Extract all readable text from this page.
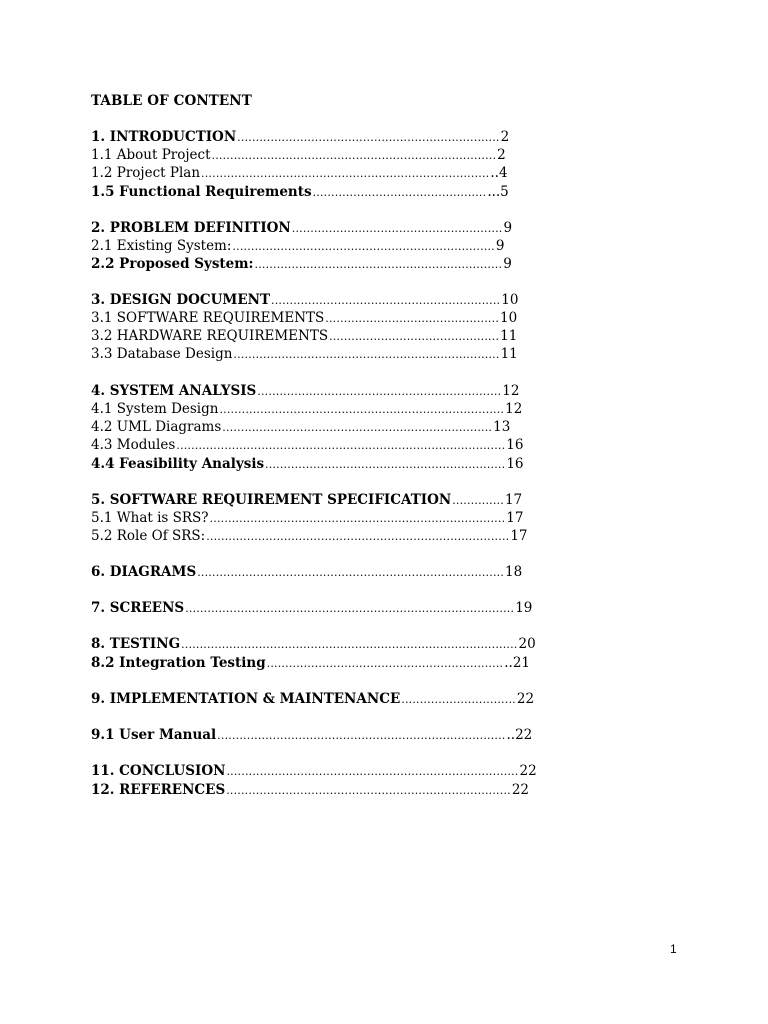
TABLE OF CONTENT
1. INTRODUCTION ....................................................................... 2
1.1 About Project ............................................................................. 2
1.2 Project Plan .............................................................................. ..4
1.5 Functional Requirements ............................................... ...5
2. PROBLEM DEFINITION ......................................................... 9
2.1 Existing System: ....................................................................... 9
2.2 Proposed System: ................................................................... 9
3. DESIGN DOCUMENT .............................................................. 10
3.1 SOFTWARE REQUIREMENTS ............................................... 10
3.2 HARDWARE REQUIREMENTS .............................................. 11
3.3 Database Design ........................................................................ 11
4. SYSTEM ANALYSIS .................................................................. 12
4.1 System Design ............................................................................. 12
4.2 UML Diagrams ......................................................................... 13
4.3 Modules ......................................................................................... 16
4.4 Feasibility Analysis ................................................................. 16
5. SOFTWARE REQUIREMENT SPECIFICATION .............. 17
5.1 What is SRS? ................................................................................ 17
5.2 Role Of SRS: .................................................................................. 17
6. DIAGRAMS ................................................................................... 18
7. SCREENS ......................................................................................... 19
8. TESTING ........................................................................................... 20
8.2 Integration Testing ................................................................ ..21
9. IMPLEMENTATION & MAINTENANCE ............................... 22
9.1 User Manual .............................................................................. ..22
11. CONCLUSION ............................................................................... 22
12. REFERENCES ............................................................................. 22
1
